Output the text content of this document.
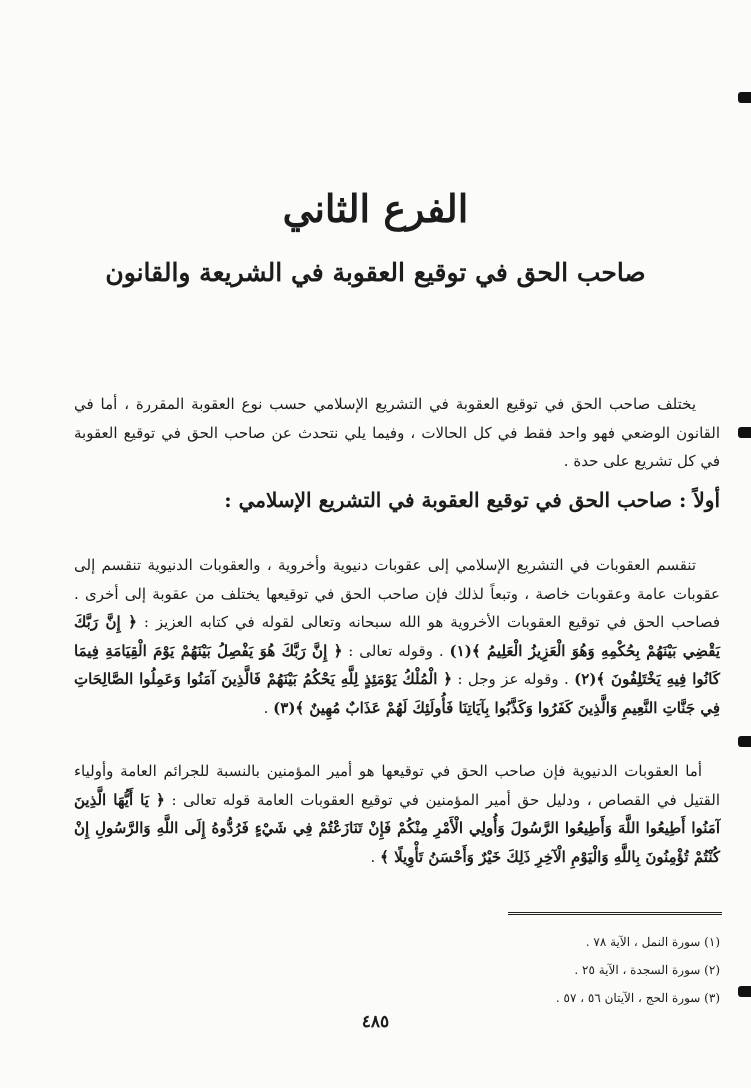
الفرع الثاني
صاحب الحق في توقيع العقوبة في الشريعة والقانون

يختلف صاحب الحق في توقيع العقوبة في التشريع الإسلامي حسب نوع العقوبة المقررة ، أما في القانون الوضعي فهو واحد فقط في كل الحالات ، وفيما يلي نتحدث عن صاحب الحق في توقيع العقوبة في كل تشريع على حدة .

أولاً : صاحب الحق في توقيع العقوبة في التشريع الإسلامي :

تنقسم العقوبات في التشريع الإسلامي إلى عقوبات دنيوية وأخروية ، والعقوبات الدنيوية تنقسم إلى عقوبات عامة وعقوبات خاصة ، وتبعاً لذلك فإن صاحب الحق في توقيعها يختلف من عقوبة إلى أخرى . فصاحب الحق في توقيع العقوبات الأخروية هو الله سبحانه وتعالى لقوله في كتابه العزيز : ﴿ إِنَّ رَبَّكَ يَقْضِي بَيْنَهُمْ بِحُكْمِهِ وَهُوَ الْعَزِيزُ الْعَلِيمُ ﴾(١) . وقوله تعالى : ﴿ إِنَّ رَبَّكَ هُوَ يَفْصِلُ بَيْنَهُمْ يَوْمَ الْقِيَامَةِ فِيمَا كَانُوا فِيهِ يَخْتَلِفُونَ ﴾(٢) . وقوله عز وجل : ﴿ الْمُلْكُ يَوْمَئِذٍ لِلَّهِ يَحْكُمُ بَيْنَهُمْ فَالَّذِينَ آمَنُوا وَعَمِلُوا الصَّالِحَاتِ فِي جَنَّاتِ النَّعِيمِ وَالَّذِينَ كَفَرُوا وَكَذَّبُوا بِآيَاتِنَا فَأُولَئِكَ لَهُمْ عَذَابٌ مُهِينٌ ﴾(٣) .

أما العقوبات الدنيوية فإن صاحب الحق في توقيعها هو أمير المؤمنين بالنسبة للجرائم العامة وأولياء القتيل في القصاص ، ودليل حق أمير المؤمنين في توقيع العقوبات العامة قوله تعالى : ﴿ يَا أَيُّهَا الَّذِينَ آمَنُوا أَطِيعُوا اللَّهَ وَأَطِيعُوا الرَّسُولَ وَأُولِي الْأَمْرِ مِنْكُمْ فَإِنْ تَنَازَعْتُمْ فِي شَيْءٍ فَرُدُّوهُ إِلَى اللَّهِ وَالرَّسُولِ إِنْ كُنْتُمْ تُؤْمِنُونَ بِاللَّهِ وَالْيَوْمِ الْآخِرِ ذَلِكَ خَيْرٌ وَأَحْسَنُ تَأْوِيلًا ﴾ .

(١) سورة النمل ، الآية ٧٨ .

(٢) سورة السجدة ، الآية ٢٥ .

(٣) سورة الحج ، الآيتان ٥٦ ، ٥٧ .

٤٨٥
